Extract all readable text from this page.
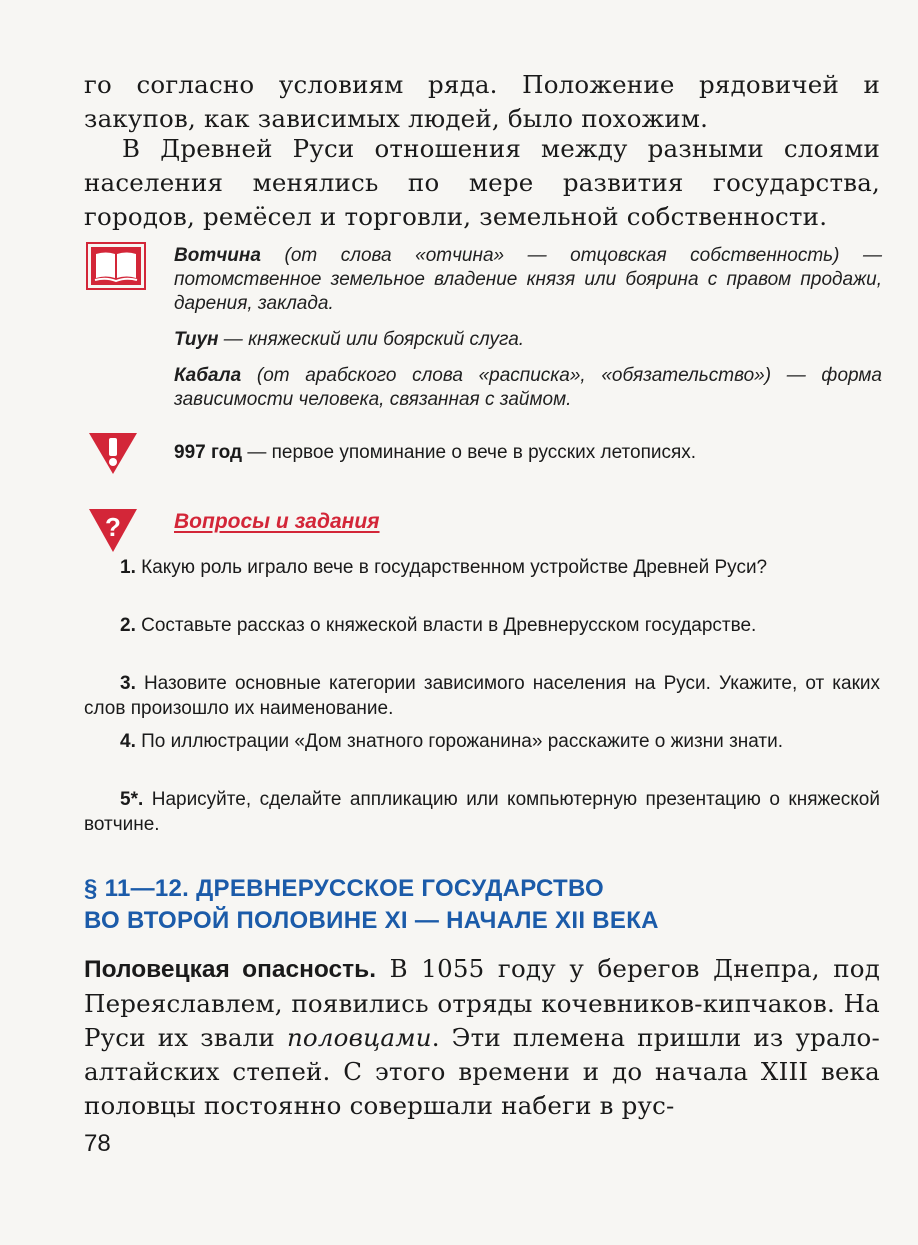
го согласно условиям ряда. Положение рядовичей и закупов, как зависимых людей, было похожим.

В Древней Руси отношения между разными слоями населения менялись по мере развития государства, городов, ремёсел и торговли, земельной собственности.

Вотчина (от слова «отчина» — отцовская собственность) — потомственное земельное владение князя или боярина с правом продажи, дарения, заклада.

Тиун — княжеский или боярский слуга.

Кабала (от арабского слова «расписка», «обязательство») — форма зависимости человека, связанная с займом.

997 год — первое упоминание о вече в русских летописях.

?	Вопросы и задания

1. Какую роль играло вече в государственном устройстве Древней Руси?

2. Составьте рассказ о княжеской власти в Древнерусском государстве.

3. Назовите основные категории зависимого населения на Руси. Укажите, от каких слов произошло их наименование.

4. По иллюстрации «Дом знатного горожанина» расскажите о жизни знати.

5*. Нарисуйте, сделайте аппликацию или компьютерную презентацию о княжеской вотчине.

§ 11—12. ДРЕВНЕРУССКОЕ ГОСУДАРСТВО
ВО ВТОРОЙ ПОЛОВИНЕ XI — НАЧАЛЕ XII ВЕКА

Половецкая опасность. В 1055 году у берегов Днепра, под Переяславлем, появились отряды кочевников-кипчаков. На Руси их звали половцами. Эти племена пришли из урало-алтайских степей. С этого времени и до начала XIII века половцы постоянно совершали набеги в рус-

78
